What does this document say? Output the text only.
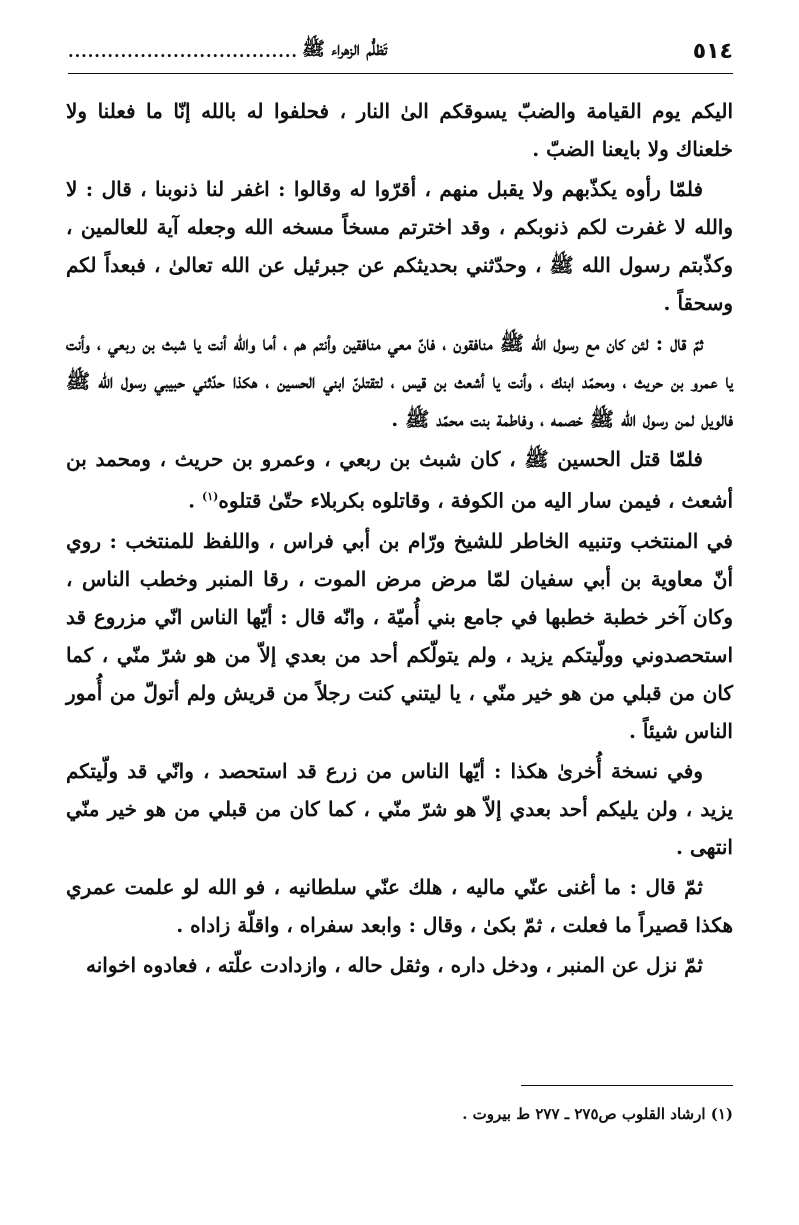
٥١٤
تَظلُّم الزهراء ﷺ
...................................

اليكم يوم القيامة والضبّ يسوقكم الىٰ النار ، فحلفوا له بالله إنّا ما فعلنا ولا خلعناك ولا بايعنا الضبّ .

فلمّا رأوه يكذّبهم ولا يقبل منهم ، أقرّوا له وقالوا : اغفر لنا ذنوبنا ، قال : لا والله لا غفرت لكم ذنوبكم ، وقد اخترتم مسخاً مسخه الله وجعله آية للعالمين ، وكذّبتم رسول الله ﷺ ، وحدّثني بحديثكم عن جبرئيل عن الله تعالىٰ ، فبعداً لكم وسحقاً .

ثمّ قال : لئن كان مع رسول الله ﷺ منافقون ، فانّ معي منافقين وأنتم هم ، أما والله أنت يا شبث بن ربعي ، وأنت يا عمرو بن حريث ، ومحمّد ابنك ، وأنت يا أشعث بن قيس ، لتقتلنّ ابني الحسين ، هكذا حدّثني حبيبي رسول الله ﷺ فالويل لمن رسول الله ﷺ خصمه ، وفاطمة بنت محمّد ﷺ .

فلمّا قتل الحسين ﷺ ، كان شبث بن ربعي ، وعمرو بن حريث ، ومحمد بن أشعث ، فيمن سار اليه من الكوفة ، وقاتلوه بكربلاء حتّىٰ قتلوه$^{(١)}$ .

في المنتخب وتنبيه الخاطر للشيخ ورّام بن أبي فراس ، واللفظ للمنتخب : روي أنّ معاوية بن أبي سفيان لمّا مرض مرض الموت ، رقا المنبر وخطب الناس ، وكان آخر خطبة خطبها في جامع بني أُميّة ، وانّه قال : أيّها الناس انّي مزروع قد استحصدوني وولّيتكم يزيد ، ولم يتولّكم أحد من بعدي إلاّ من هو شرّ منّي ، كما كان من قبلي من هو خير منّي ، يا ليتني كنت رجلاً من قريش ولم أتولّ من أُمور الناس شيئاً .

وفي نسخة أُخرىٰ هكذا : أيّها الناس من زرع قد استحصد ، وانّي قد ولّيتكم يزيد ، ولن يليكم أحد بعدي إلاّ هو شرّ منّي ، كما كان من قبلي من هو خير منّي انتهى .

ثمّ قال : ما أغنى عنّي ماليه ، هلك عنّي سلطانيه ، فو الله لو علمت عمري هكذا قصيراً ما فعلت ، ثمّ بكىٰ ، وقال : وابعد سفراه ، واقلّة زاداه .

ثمّ نزل عن المنبر ، ودخل داره ، وثقل حاله ، وازدادت علّته ، فعادوه اخوانه

(١) ارشاد القلوب ص٢٧٥ ـ ٢٧٧ ط بيروت .
